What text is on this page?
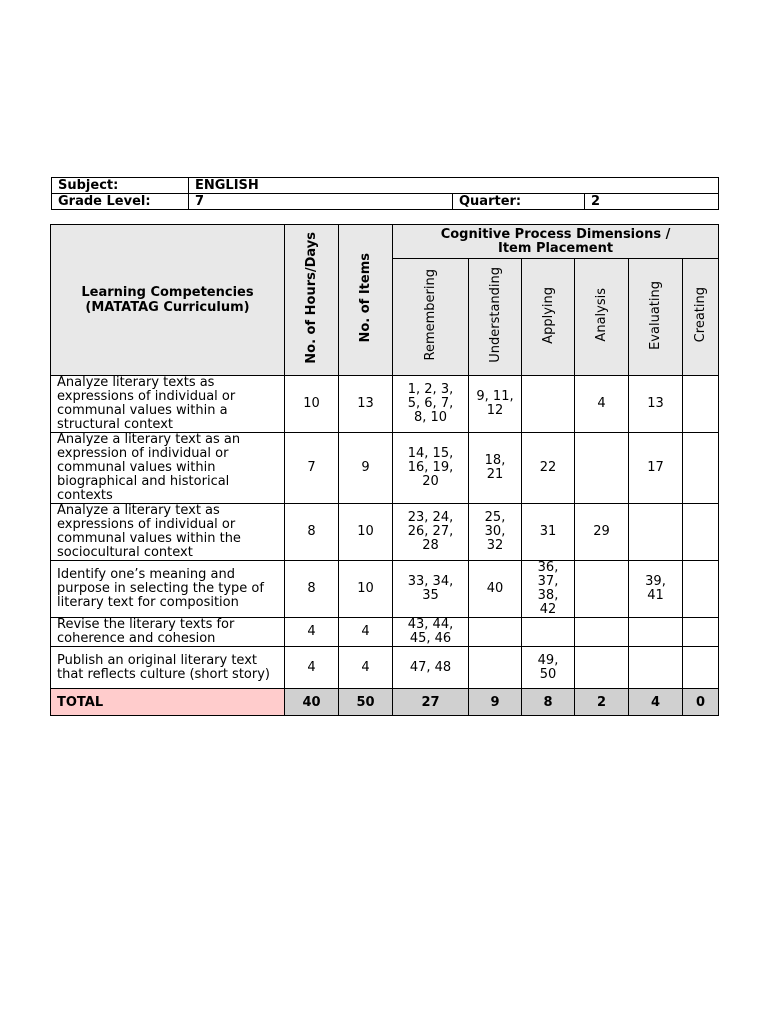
Subject:	ENGLISH		
Grade Level:	7	Quarter:	2
Learning Competencies (MATATAG Curriculum)	No. of Hours/Days	No. of Items	Cognitive Process Dimensions / Item Placement					
			Remembering	Understanding	Applying	Analysis	Evaluating	Creating
Analyze literary texts as expressions of individual or communal values within a structural context	10	13	1, 2, 3, 5, 6, 7, 8, 10	9, 11, 12		4	13	
Analyze a literary text as an expression of individual or communal values within biographical and historical contexts	7	9	14, 15, 16, 19, 20	18, 21	22		17	
Analyze a literary text as expressions of individual or communal values within the sociocultural context	8	10	23, 24, 26, 27, 28	25, 30, 32	31	29		
Identify one’s meaning and purpose in selecting the type of literary text for composition	8	10	33, 34, 35	40	36, 37, 38, 42		39, 41	
Revise the literary texts for coherence and cohesion	4	4	43, 44, 45, 46					
Publish an original literary text that reflects culture (short story)	4	4	47, 48		49, 50			
TOTAL	40	50	27	9	8	2	4	0
